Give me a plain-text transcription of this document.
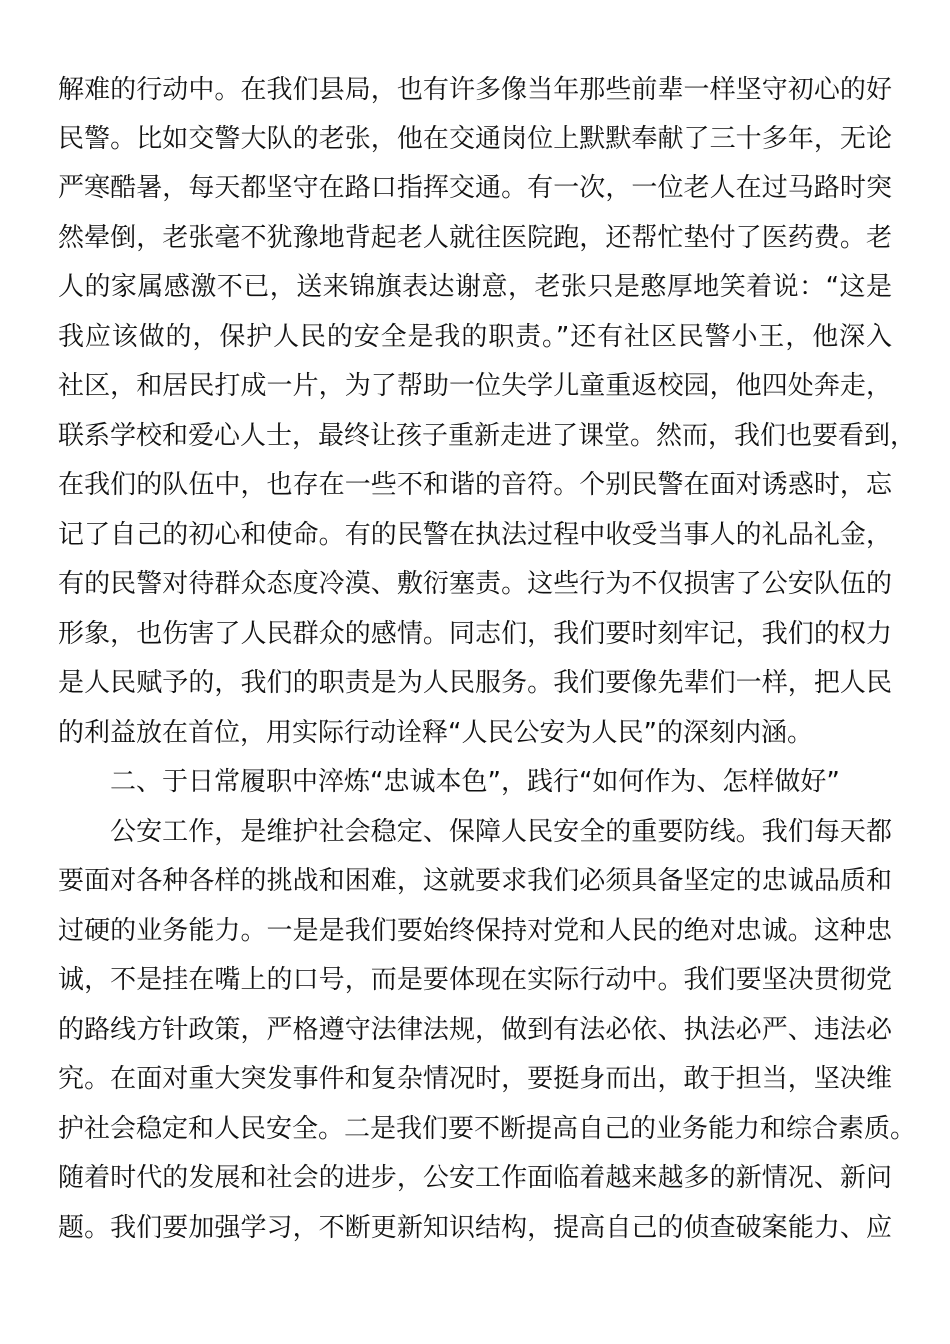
解难的行动中。在我们县局，也有许多像当年那些前辈一样坚守初心的好
民警。比如交警大队的老张，他在交通岗位上默默奉献了三十多年，无论
严寒酷暑，每天都坚守在路口指挥交通。有一次，一位老人在过马路时突
然晕倒，老张毫不犹豫地背起老人就往医院跑，还帮忙垫付了医药费。老
人的家属感激不已，送来锦旗表达谢意，老张只是憨厚地笑着说：“这是
我应该做的，保护人民的安全是我的职责。”还有社区民警小王，他深入
社区，和居民打成一片，为了帮助一位失学儿童重返校园，他四处奔走，
联系学校和爱心人士，最终让孩子重新走进了课堂。然而，我们也要看到，
在我们的队伍中，也存在一些不和谐的音符。个别民警在面对诱惑时，忘
记了自己的初心和使命。有的民警在执法过程中收受当事人的礼品礼金，
有的民警对待群众态度冷漠、敷衍塞责。这些行为不仅损害了公安队伍的
形象，也伤害了人民群众的感情。同志们，我们要时刻牢记，我们的权力
是人民赋予的，我们的职责是为人民服务。我们要像先辈们一样，把人民
的利益放在首位，用实际行动诠释“人民公安为人民”的深刻内涵。
二、于日常履职中淬炼“忠诚本色”，践行“如何作为、怎样做好”
公安工作，是维护社会稳定、保障人民安全的重要防线。我们每天都
要面对各种各样的挑战和困难，这就要求我们必须具备坚定的忠诚品质和
过硬的业务能力。一是是我们要始终保持对党和人民的绝对忠诚。这种忠
诚，不是挂在嘴上的口号，而是要体现在实际行动中。我们要坚决贯彻党
的路线方针政策，严格遵守法律法规，做到有法必依、执法必严、违法必
究。在面对重大突发事件和复杂情况时，要挺身而出，敢于担当，坚决维
护社会稳定和人民安全。二是我们要不断提高自己的业务能力和综合素质。
随着时代的发展和社会的进步，公安工作面临着越来越多的新情况、新问
题。我们要加强学习，不断更新知识结构，提高自己的侦查破案能力、应
